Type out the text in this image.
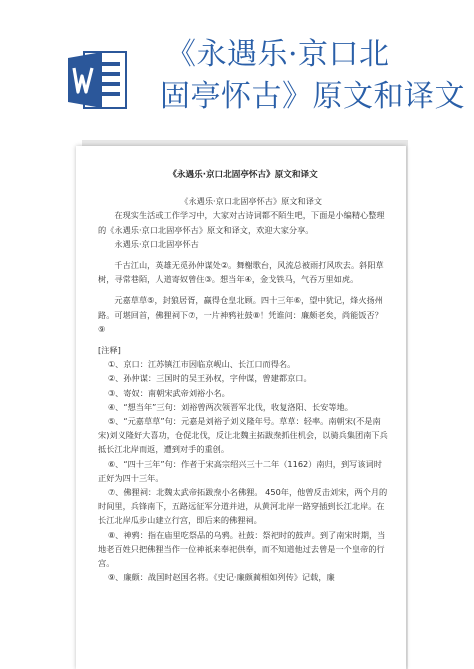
《永遇乐·京口北
固亭怀古》原文和译文
《永遇乐·京口北固亭怀古》原文和译文

《永遇乐·京口北固亭怀古》原文和译文

在现实生活或工作学习中，大家对古诗词都不陌生吧，下面是小编精心整理的《永遇乐·京口北固亭怀古》原文和译文，欢迎大家分享。

永遇乐·京口北固亭怀古

千古江山，英雄无觅孙仲谋处②。舞榭歌台，风流总被雨打风吹去。斜阳草树，寻常巷陌，人道寄奴曾住③。想当年④，金戈铁马，气吞万里如虎。

元嘉草草⑤，封狼居胥，赢得仓皇北顾。四十三年⑥，望中犹记，烽火扬州路。可堪回首，佛狸祠下⑦，一片神鸦社鼓⑧！凭谁问：廉颇老矣，尚能饭否？⑨

[注释]

①、京口：江苏镇江市因临京岘山、长江口而得名。

②、孙仲谋：三国时的吴王孙权，字仲谋，曾建都京口。

③、寄奴：南朝宋武帝刘裕小名。

④、“想当年”三句：刘裕曾两次领晋军北伐，收复洛阳、长安等地。

⑤、“元嘉草草”句：元嘉是刘裕子刘义隆年号。草草：轻率。南朝宋(不是南宋)刘义隆好大喜功，仓促北伐，反让北魏主拓跋焘抓住机会，以骑兵集团南下兵抵长江北岸而返，遭到对手的重创。

⑥、“四十三年”句：作者于宋高宗绍兴三十二年（1162）南归，到写该词时正好为四十三年。

⑦、佛狸祠：北魏太武帝拓跋焘小名佛狸。 450年，他曾反击刘宋，两个月的时间里，兵锋南下，五路远征军分道并进，从黄河北岸一路穿插到长江北岸。在长江北岸瓜步山建立行宫，即后来的佛狸祠。

⑧、神鸦：指在庙里吃祭品的乌鸦。社鼓：祭祀时的鼓声。到了南宋时期，当地老百姓只把佛狸当作一位神祇来奉祀供奉，而不知道他过去曾是一个皇帝的行宫。

⑨、廉颇：战国时赵国名将。《史记·廉颇蔺相如列传》记载，廉
